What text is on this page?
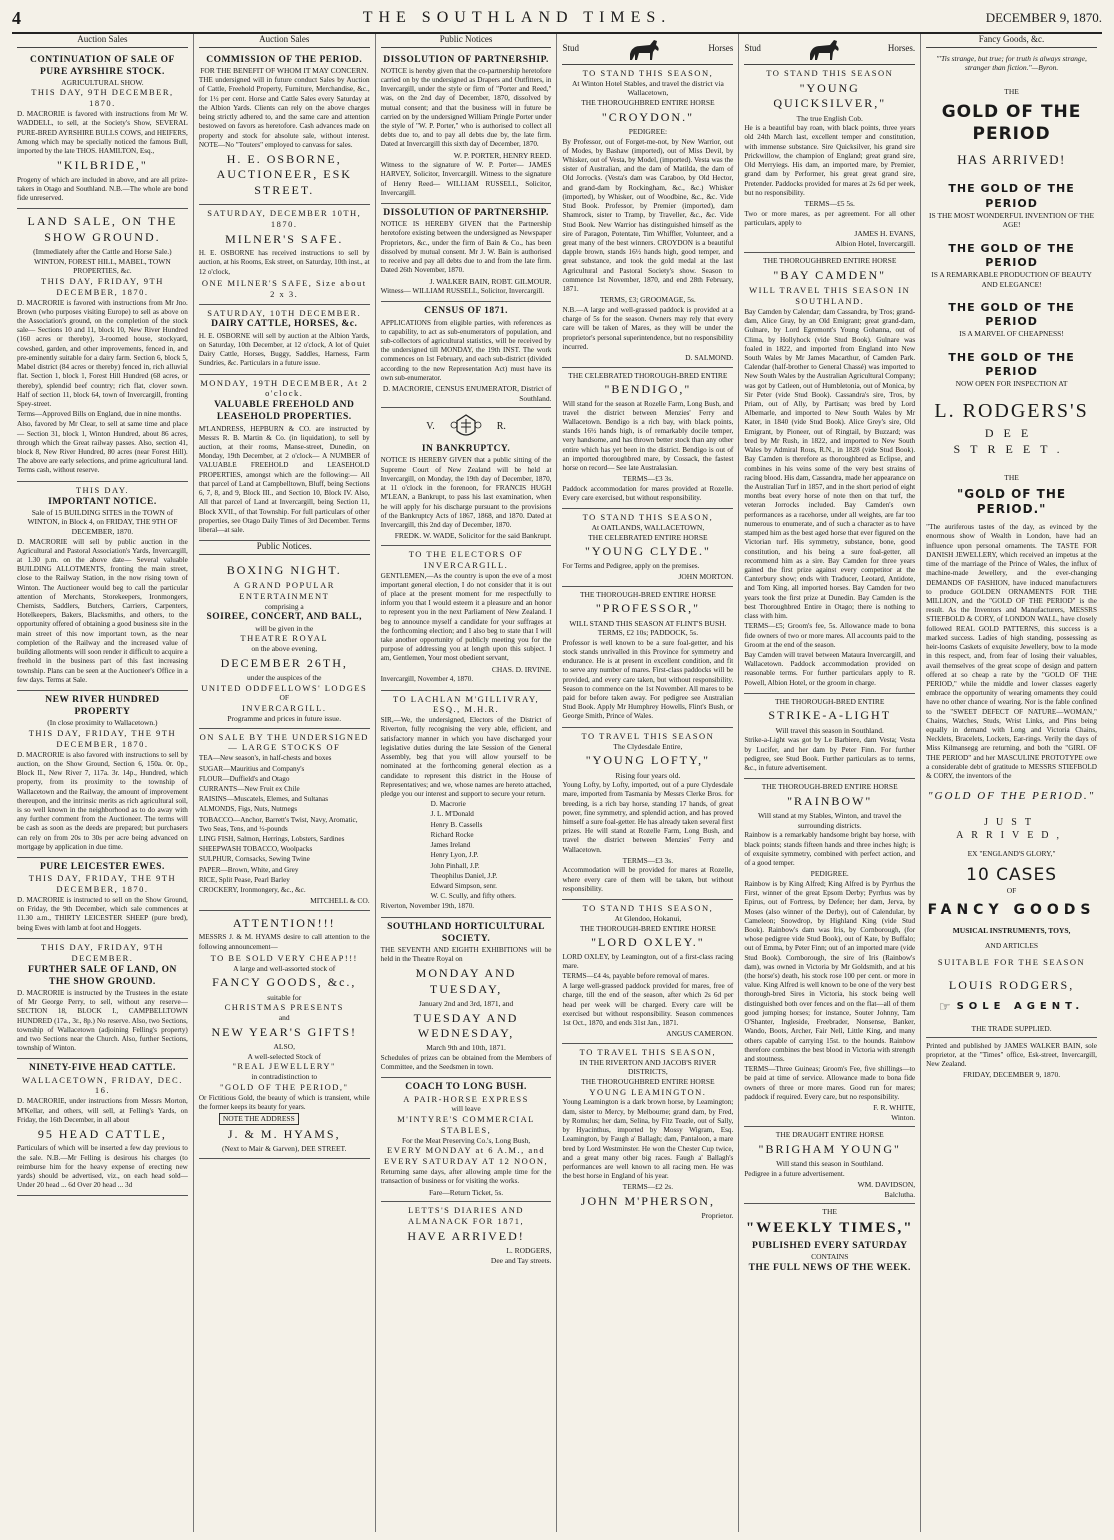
4	THE SOUTHLAND TIMES.	DECEMBER 9, 1870.
Auction Sales
CONTINUATION OF SALE OF PURE AYRSHIRE STOCK.
AGRICULTURAL SHOW.
THIS DAY, 9TH DECEMBER, 1870.
D. MACRORIE is favored with instructions from Mr W. WADDELL, to sell, at the Society's Show, SEVERAL PURE-BRED AYRSHIRE BULLS COWS, and HEIFERS, Among which may be specially noticed the famous Bull, imported by the late THOS. HAMILTON, Esq.,
"KILBRIDE,"
Progeny of which are included in above, and are all prize-takers in Otago and Southland. N.B.—The whole are bond fide unreserved.
LAND SALE, ON THE SHOW GROUND.
(Immediately after the Cattle and Horse Sale.)
WINTON, FOREST HILL, MABEL, TOWN PROPERTIES, &c.
THIS DAY, FRIDAY, 9TH DECEMBER, 1870.
D. MACRORIE is favored with instructions from Mr Jno. Brown (who purposes visiting Europe) to sell as above on the Association's ground, on the completion of the stock sale— Sections 10 and 11, block 10, New River Hundred (160 acres or thereby), 3-roomed house, stockyard, cowshed, garden, and other improvements, fenced in, and pre-eminently suitable for a dairy farm. Section 6, block 5, Mabel district (84 acres or thereby) fenced in, rich alluvial flat. Section 1, block 1, Forest Hill Hundred (68 acres, or thereby), splendid beef country; rich flat, clover sown. Half of section 11, block 64, town of Invercargill, fronting Spey-street.
Terms—Approved Bills on England, due in nine months.
Also, favored by Mr Clear, to sell at same time and place— Section 31, block 1, Winton Hundred, about 86 acres, through which the Great railway passes. Also, section 41, block 8, New River Hundred, 80 acres (near Forest Hill). The above are early selections, and prime agricultural land. Terms cash, without reserve.
THIS DAY.
IMPORTANT NOTICE.
Sale of 15 BUILDING SITES in the TOWN of WINTON, in Block 4, on FRIDAY, THE 9TH OF DECEMBER, 1870.
D. MACRORIE will sell by public auction in the Agricultural and Pastoral Association's Yards, Invercargill, at 1.30 p.m. on the above date— Several valuable BUILDING ALLOTMENTS, fronting the main street, close to the Railway Station, in the now rising town of Winton. The Auctioneer would beg to call the particular attention of Merchants, Storekeepers, Ironmongers, Chemists, Saddlers, Butchers, Carriers, Carpenters, Hotelkeepers, Bakers, Blacksmiths, and others, to the opportunity offered of obtaining a good business site in the main street of this now important town, as the near completion of the Railway and the increased value of building allotments will soon render it difficult to acquire a freehold in the business part of this fast increasing township. Plans can be seen at the Auctioneer's Office in a few days. Terms at Sale.
NEW RIVER HUNDRED PROPERTY
(In close proximity to Wallacetown.)
THIS DAY, FRIDAY, THE 9TH DECEMBER, 1870.
D. MACRORIE is also favored with instructions to sell by auction, on the Show Ground, Section 6, 150a. 0r. 0p., Block II., New River 7, 117a. 3r. 14p., Hundred, which property, from its proximity to the township of Wallacetown and the Railway, the amount of improvement thereupon, and the intrinsic merits as rich agricultural soil, is so well known in the neighborhood as to do away with any further comment from the Auctioneer. The terms will be cash as soon as the deeds are prepared; but purchasers can rely on from 20s to 30s per acre being advanced on mortgage by application in due time.
PURE LEICESTER EWES.
THIS DAY, FRIDAY, THE 9TH DECEMBER, 1870.
D. MACRORIE is instructed to sell on the Show Ground, on Friday, the 9th December, which sale commences at 11.30 a.m., THIRTY LEICESTER SHEEP (pure bred), being Ewes with lamb at foot and Hoggets.
THIS DAY, FRIDAY, 9TH DECEMBER.
FURTHER SALE OF LAND, ON THE SHOW GROUND.
D. MACRORIE is instructed by the Trustees in the estate of Mr George Perry, to sell, without any reserve— SECTION 18, BLOCK I., CAMPBELLTOWN HUNDRED (17a., 3r., 8p.) No reserve. Also, two Sections, township of Wallacetown (adjoining Felling's property) and two Sections near the Church. Also, further Sections, township of Winton.
NINETY-FIVE HEAD CATTLE.
WALLACETOWN, FRIDAY, DEC. 16.
D. MACRORIE, under instructions from Messrs Morton, M'Kellar, and others, will sell, at Felling's Yards, on Friday, the 16th December, in all about
95 HEAD CATTLE,
Particulars of which will be inserted a few day previous to the sale. N.B.—Mr Felling is desirous his charges (to reimburse him for the heavy expense of erecting new yards) should be advertised, viz., on each head sold— Under 20 head ... 6d Over 20 head ... 3d
Auction Sales
COMMISSION OF THE PERIOD.
FOR THE BENEFIT OF WHOM IT MAY CONCERN.
THE undersigned will in future conduct Sales by Auction of Cattle, Freehold Property, Furniture, Merchandise, &c., for 1½ per cent. Horse and Cattle Sales every Saturday at the Albion Yards. Clients can rely on the above charges being strictly adhered to, and the same care and attention bestowed on favors as heretofore. Cash advances made on property and stock for absolute sale, without interest. NOTE—No "Touters" employed to canvass for sales.
H. E. OSBORNE, AUCTIONEER, ESK STREET.
SATURDAY, DECEMBER 10TH, 1870.
MILNER'S SAFE.
H. E. OSBORNE has received instructions to sell by auction, at his Rooms, Esk street, on Saturday, 10th inst., at 12 o'clock,
ONE MILNER'S SAFE, Size about 2 x 3.
SATURDAY, 10TH DECEMBER.
DAIRY CATTLE, HORSES, &c.
H. E. OSBORNE will sell by auction at the Albion Yards, on Saturday, 10th December, at 12 o'clock, A lot of Quiet Dairy Cattle, Horses, Buggy, Saddles, Harness, Farm Sundries, &c. Particulars in a future issue.
MONDAY, 19TH DECEMBER, At 2 o'clock.
VALUABLE FREEHOLD AND LEASEHOLD PROPERTIES.
M'LANDRESS, HEPBURN & CO. are instructed by Messrs R. B. Martin & Co. (in liquidation), to sell by auction, at their rooms, Manse-street, Dunedin, on Monday, 19th December, at 2 o'clock— A NUMBER of VALUABLE FREEHOLD and LEASEHOLD PROPERTIES, amongst which are the following:— All that parcel of Land at Campbelltown, Bluff, being Sections 6, 7, 8, and 9, Block III., and Section 10, Block IV. Also, All that parcel of Land at Invercargill, being Section 11, Block XVII., of that Township. For full particulars of other properties, see Otago Daily Times of 3rd December. Terms liberal—at sale.
Public Notices.
BOXING NIGHT.
A GRAND POPULAR ENTERTAINMENT
comprising a
SOIREE, CONCERT, AND BALL,
will be given in the
THEATRE ROYAL
on the above evening,
DECEMBER 26TH,
under the auspices of the
UNITED ODDFELLOWS' LODGES
OF
INVERCARGILL.
Programme and prices in future issue.
ON SALE BY THE UNDERSIGNED— LARGE STOCKS OF
TEA—New season's, in half-chests and boxes
SUGAR—Mauritius and Company's
FLOUR—Duffield's and Otago
CURRANTS—New Fruit ex Chile
RAISINS—Muscatels, Elemes, and Sultanas
ALMONDS, Figs, Nuts, Nutmegs
TOBACCO—Anchor, Barrett's Twist, Navy, Aromatic, Two Seas, Tens, and ½-pounds
LING FISH, Salmon, Herrings, Lobsters, Sardines
SHEEPWASH TOBACCO, Woolpacks
SULPHUR, Cornsacks, Sewing Twine
PAPER—Brown, White, and Grey
RICE, Split Pease, Pearl Barley
CROCKERY, Ironmongery, &c., &c.
MITCHELL & CO.
ATTENTION!!!
MESSRS J. & M. HYAMS desire to call attention to the following announcement—
TO BE SOLD VERY CHEAP!!!
A large and well-assorted stock of
FANCY GOODS, &c.,
suitable for
CHRISTMAS PRESENTS
and
NEW YEAR'S GIFTS!
ALSO,
A well-selected Stock of
"REAL JEWELLERY"
in contradistinction to
"GOLD OF THE PERIOD,"
Or Fictitious Gold, the beauty of which is transient, while the former keeps its beauty for years.
NOTE THE ADDRESS
J. & M. HYAMS,
(Next to Mair & Garven), DEE STREET.
Public Notices
DISSOLUTION OF PARTNERSHIP.
NOTICE is hereby given that the co-partnership heretofore carried on by the undersigned as Drapers and Outfitters, in Invercargill, under the style or firm of "Porter and Reed," was, on the 2nd day of December, 1870, dissolved by mutual consent; and that the business will in future be carried on by the undersigned William Pringle Porter under the style of "W. P. Porter," who is authorised to collect all debts due to, and to pay all debts due by, the late firm. Dated at Invercargill this sixth day of December, 1870.
W. P. PORTER, HENRY REED.
Witness to the signature of W. P. Porter— JAMES HARVEY, Solicitor, Invercargill. Witness to the signature of Henry Reed— WILLIAM RUSSELL, Solicitor, Invercargill.
DISSOLUTION OF PARTNERSHIP.
NOTICE IS HEREBY GIVEN that the Partnership heretofore existing between the undersigned as Newspaper Proprietors, &c., under the firm of Bain & Co., has been dissolved by mutual consent. Mr J. W. Bain is authorised to receive and pay all debts due to and from the late firm. Dated 26th November, 1870.
J. WALKER BAIN, ROBT. GILMOUR.
Witness— WILLIAM RUSSELL, Solicitor, Invercargill.
CENSUS OF 1871.
APPLICATIONS from eligible parties, with references as to capability, to act as sub-enumerators of population, and sub-collectors of agricultural statistics, will be received by the undersigned till MONDAY, the 19th INST. The work commences on 1st February, and each sub-district (divided according to the new Representation Act) must have its own sub-enumerator.
D. MACRORIE, CENSUS ENUMERATOR, District of Southland.
V.	R.
IN BANKRUPTCY.
NOTICE IS HEREBY GIVEN that a public sitting of the Supreme Court of New Zealand will be held at Invercargill, on Monday, the 19th day of December, 1870, at 11 o'clock in the forenoon, for FRANCIS HUGH M'LEAN, a Bankrupt, to pass his last examination, when he will apply for his discharge pursuant to the provisions of the Bankruptcy Acts of 1867, 1868, and 1870. Dated at Invercargill, this 2nd day of December, 1870.
FREDK. W. WADE, Solicitor for the said Bankrupt.
TO THE ELECTORS OF INVERCARGILL.
GENTLEMEN,—As the country is upon the eve of a most important general election, I do not consider that it is out of place at the present moment for me respectfully to inform you that I would esteem it a pleasure and an honor to represent you in the next Parliament of New Zealand. I beg to announce myself a candidate for your suffrages at the forthcoming election; and I also beg to state that I will take another opportunity of publicly meeting you for the purpose of addressing you at length upon this subject. I am, Gentlemen, Your most obedient servant,
CHAS. D. IRVINE.
Invercargill, November 4, 1870.
TO LACHLAN M'GILLIVRAY, ESQ., M.H.R.
SIR,—We, the undersigned, Electors of the District of Riverton, fully recognising the very able, efficient, and satisfactory manner in which you have discharged your legislative duties during the late Session of the General Assembly, beg that you will allow yourself to be nominated at the forthcoming general election as a candidate to represent this district in the House of Representatives; and we, whose names are hereto attached, pledge you our interest and support to secure your return.
D. Macrorie
J. L. M'Donald
Henry B. Cassells
Richard Rocke
James Ireland
Henry Lyon, J.P.
John Pinhall, J.P.
Theophilus Daniel, J.P.
Edward Simpson, senr.
W. C. Scully, and fifty others.
Riverton, November 19th, 1870.
SOUTHLAND HORTICULTURAL SOCIETY.
THE SEVENTH AND EIGHTH EXHIBITIONS will be held in the Theatre Royal on
MONDAY AND TUESDAY,
January 2nd and 3rd, 1871, and
TUESDAY AND WEDNESDAY,
March 9th and 10th, 1871.
Schedules of prizes can be obtained from the Members of Committee, and the Seedsmen in town.
COACH TO LONG BUSH.
A PAIR-HORSE EXPRESS
will leave
M'INTYRE'S COMMERCIAL STABLES,
For the Meat Preserving Co.'s, Long Bush,
EVERY MONDAY at 6 A.M., and
EVERY SATURDAY AT 12 NOON,
Returning same days, after allowing ample time for the transaction of business or for visiting the works.
Fare—Return Ticket, 5s.
LETTS'S DIARIES AND ALMANACK FOR 1871,
HAVE ARRIVED!
L. RODGERS,
Dee and Tay streets.
Stud	Horses
TO STAND THIS SEASON,
At Winton Hotel Stables, and travel the district via Wallacetown,
THE THOROUGHBRED ENTIRE HORSE
"CROYDON."
PEDIGREE:
By Professor, out of Forget-me-not, by New Warrior, out of Modes, by Bashaw (imported), out of Miss Devil, by Whisker, out of Vesta, by Model, (imported). Vesta was the sister of Australian, and the dam of Matilda, the dam of Old Jorrocks. (Vesta's dam was Caraboo, by Old Hector, and grand-dam by Rockingham, &c., &c.) Whisker (imported), by Whisker, out of Woodbine, &c., &c. Vide Stud Book. Professor, by Premier (imported), dam Shamrock, sister to Tramp, by Traveller, &c., &c. Vide Stud Book. New Warrior has distinguished himself as the sire of Paragon, Potentate, Tim Whiffler, Volunteer, and a great many of the best winners. CROYDON is a beautiful dapple brown, stands 16½ hands high, good temper, and great substance, and took the gold medal at the last Agricultural and Pastoral Society's show. Season to commence 1st November, 1870, and end 28th February, 1871.
TERMS, £3; GROOMAGE, 5s.
N.B.—A large and well-grassed paddock is provided at a charge of 5s for the season. Owners may rely that every care will be taken of Mares, as they will be under the proprietor's personal superintendence, but no responsibility incurred.
D. SALMOND.
THE CELEBRATED THOROUGH-BRED ENTIRE
"BENDIGO,"
Will stand for the season at Rozelle Farm, Long Bush, and travel the district between Menzies' Ferry and Wallacetown. Bendigo is a rich bay, with black points, stands 16½ hands high, is of remarkably docile temper, very handsome, and has thrown better stock than any other entire which has yet been in the district. Bendigo is out of an imported thoroughbred mare, by Cossack, the fastest horse on record— See late Australasian.
TERMS—£3 3s.
Paddock accommodation for mares provided at Rozelle. Every care exercised, but without responsibility.
TO STAND THIS SEASON,
At OATLANDS, WALLACETOWN,
THE CELEBRATED ENTIRE HORSE
"YOUNG CLYDE."
For Terms and Pedigree, apply on the premises.
JOHN MORTON.
THE THOROUGH-BRED ENTIRE HORSE
"PROFESSOR,"
WILL STAND THIS SEASON AT FLINT'S BUSH.
TERMS, £2 10s; PADDOCK, 5s.
Professor is well known to be a sure foal-getter, and his stock stands unrivalled in this Province for symmetry and endurance. He is at present in excellent condition, and fit to serve any number of mares. First-class paddocks will be provided, and every care taken, but without responsibility. Season to commence on the 1st November. All mares to be paid for before taken away. For pedigree see Australian Stud Book. Apply Mr Humphrey Howells, Flint's Bush, or George Smith, Prince of Wales.
TO TRAVEL THIS SEASON
The Clydesdale Entire,
"YOUNG LOFTY,"
Rising four years old.
Young Lofty, by Lofty, imported, out of a pure Clydesdale mare, imported from Tasmania by Messrs Clerke Bros. for breeding, is a rich bay horse, standing 17 hands, of great power, fine symmetry, and splendid action, and has proved himself a sure foal-getter. He has already taken several first prizes. He will stand at Rozelle Farm, Long Bush, and travel the district between Menzies' Ferry and Wallacetown.
TERMS—£3 3s.
Accommodation will be provided for mares at Rozelle, where every care of them will be taken, but without responsibility.
TO STAND THIS SEASON,
At Glendoo, Hokanui,
THE THOROUGH-BRED ENTIRE HORSE
"LORD OXLEY."
LORD OXLEY, by Leamington, out of a first-class racing mare.
TERMS—£4 4s, payable before removal of mares.
A large well-grassed paddock provided for mares, free of charge, till the end of the season, after which 2s 6d per head per week will be charged. Every care will be exercised but without responsibility. Season commences 1st Oct., 1870, and ends 31st Jan., 1871.
ANGUS CAMERON.
TO TRAVEL THIS SEASON,
IN THE RIVERTON AND JACOB'S RIVER DISTRICTS,
THE THOROUGHBRED ENTIRE HORSE
YOUNG LEAMINGTON.
Young Leamington is a dark brown horse, by Leamington; dam, sister to Mercy, by Melbourne; grand dam, by Fred, by Romulus; her dam, Selina, by Fitz Teazle, out of Sally, by Hyacinthus, imported by Mossy Wigram, Esq. Leamington, by Faugh a' Ballagh; dam, Pantaloon, a mare bred by Lord Westminster. He won the Chester Cup twice, and a great many other big races. Faugh a' Ballagh's performances are well known to all racing men. He was the best horse in England of his year.
TERMS—£2 2s.
JOHN M'PHERSON,
Proprietor.
Stud	Horses.
TO STAND THIS SEASON
"YOUNG QUICKSILVER,"
The true English Cob.
He is a beautiful bay roan, with black points, three years old 24th March last, excellent temper and constitution, with immense substance. Sire Quicksilver, his grand sire Prickwillow, the champion of England; great grand sire, Old Merryiegs. His dam, an imported mare, by Premier, grand dam by Performer, his great great grand sire, Pretender. Paddocks provided for mares at 2s 6d per week, but no responsibility.
TERMS—£5 5s.
Two or more mares, as per agreement. For all other particulars, apply to
JAMES H. EVANS,
Albion Hotel, Invercargill.
THE THOROUGHBRED ENTIRE HORSE
"BAY CAMDEN"
WILL TRAVEL THIS SEASON IN SOUTHLAND.
Bay Camden by Calendar; dam Cassandra, by Tros; grand-dam, Alice Gray, by an Old Emigrant; great grand-dam, Gulnare, by Lord Egremont's Young Gohanna, out of Clima, by Hollyhock (vide Stud Book). Gulnare was foaled in 1822, and imported from England into New South Wales by Mr James Macarthur, of Camden Park. Calendar (half-brother to General Chassé) was imported to New South Wales by the Australian Agricultural Company; was got by Catleen, out of Humbletonia, out of Monica, by Sir Peter (vide Stud Book). Cassandra's sire, Tros, by Priam, out of Ally, by Partisan; was bred by Lord Albemarle, and imported to New South Wales by Mr Kater, in 1840 (vide Stud Book). Alice Grey's sire, Old Emigrant, by Pioneer, out of Ringtail, by Buzzard; was bred by Mr Rush, in 1822, and imported to New South Wales by Admiral Rous, R.N., in 1828 (vide Stud Book). Bay Camden is therefore as thoroughbred as Eclipse, and combines in his veins some of the very best strains of racing blood. His dam, Cassandra, made her appearance on the Australian Turf in 1857, and in the short period of eight months beat every horse of note then on that turf, the veteran Jorrocks included. Bay Camden's own performances as a racehorse, under all weights, are far too numerous to enumerate, and of such a character as to have stamped him as the best aged horse that ever figured on the Victorian turf. His symmetry, substance, bone, good constitution, and his being a sure foal-getter, all recommend him as a sire. Bay Camden for three years gained the first prize against every competitor at the Canterbury show; ends with Traducer, Leotard, Antidote, and Tom King, all imported horses. Bay Camden for two years took the first prize at Dunedin. Bay Camden is the best Thoroughbred Entire in Otago; there is nothing to class with him.
TERMS—£5; Groom's fee, 5s. Allowance made to bona fide owners of two or more mares. All accounts paid to the Groom at the end of the season.
Bay Camden will travel between Mataura Invercargill, and Wallacetown. Paddock accommodation provided on reasonable terms. For further particulars apply to R. Powell, Albion Hotel, or the groom in charge.
THE THOROUGH-BRED ENTIRE
STRIKE-A-LIGHT
Will travel this season in Southland.
Strike-a-Light was got by Le Barbiere, dam Vesta; Vesta by Lucifer, and her dam by Peter Finn. For further pedigree, see Stud Book. Further particulars as to terms, &c., in future advertisement.
THE THOROUGH-BRED ENTIRE HORSE
"RAINBOW"
Will stand at my Stables, Winton, and travel the surrounding districts.
Rainbow is a remarkably handsome bright bay horse, with black points; stands fifteen hands and three inches high; is of exquisite symmetry, combined with perfect action, and of a good temper.
PEDIGREE.
Rainbow is by King Alfred; King Alfred is by Pyrrhus the First, winner of the great Epsom Derby; Pyrrhus was by Epirus, out of Fortress, by Defence; her dam, Jerva, by Moses (also winner of the Derby), out of Calendular, by Cameleon; Snowdrop, by Highland King (vide Stud Book). Rainbow's dam was Iris, by Cornborough, (for whose pedigree vide Stud Book), out of Kate, by Buffalo; out of Emma, by Peter Finn; out of an imported mare (vide Stud Book). Cornborough, the sire of Iris (Rainbow's dam), was owned in Victoria by Mr Goldsmith, and at his (the horse's) death, his stock rose 100 per cent. or more in value. King Alfred is well known to be one of the very best thorough-bred Sires in Victoria, his stock being well distinguished both over fences and on the flat—all of them good jumping horses; for instance, Souter Johnny, Tam O'Shanter, Ingleside, Freebrader, Nonsense, Banker, Wando, Boots, Archer, Fair Nell, Little King, and many others capable of carrying 15st. to the hounds. Rainbow therefore combines the best blood in Victoria with strength and stoutness.
TERMS—Three Guineas; Groom's Fee, five shillings—to be paid at time of service. Allowance made to bona fide owners of three or more mares. Good run for mares; paddock if required. Every care, but no responsibility.
F. R. WHITE,
Winton.
THE DRAUGHT ENTIRE HORSE
"BRIGHAM YOUNG"
Will stand this season in Southland.
Pedigree in a future advertisement.
WM. DAVIDSON,
Balclutha.
THE
"WEEKLY TIMES,"
PUBLISHED EVERY SATURDAY
CONTAINS
THE FULL NEWS OF THE WEEK.
Fancy Goods, &c.
"'Tis strange, but true; for truth is always strange, stranger than fiction."—Byron.
THE
GOLD OF THE PERIOD
HAS ARRIVED!
THE GOLD OF THE PERIOD
IS THE MOST WONDERFUL INVENTION OF THE AGE!
THE GOLD OF THE PERIOD
IS A REMARKABLE PRODUCTION OF BEAUTY AND ELEGANCE!
THE GOLD OF THE PERIOD
IS A MARVEL OF CHEAPNESS!
THE GOLD OF THE PERIOD
NOW OPEN FOR INSPECTION AT
L. RODGERS'S
DEE STREET.
THE
"GOLD OF THE PERIOD."
"The auriferous tastes of the day, as evinced by the enormous show of Wealth in London, have had an influence upon personal ornaments. The TASTE FOR DANISH JEWELLERY, which received an impetus at the time of the marriage of the Prince of Wales, the influx of machine-made Jewellery, and the ever-changing DEMANDS OF FASHION, have induced manufacturers to produce GOLDEN ORNAMENTS FOR THE MILLION, and the "GOLD OF THE PERIOD" is the result. As the Inventors and Manufacturers, MESSRS STIEFBOLD & CORY, of LONDON WALL, have closely followed REAL GOLD PATTERNS, this success is a marked success. Ladies of high standing, possessing as heir-looms Caskets of exquisite Jewellery, bow to la mode in this respect, and, from fear of losing their valuables, avail themselves of the great scope of design and pattern offered at so cheap a rate by the "GOLD OF THE PERIOD," while the middle and lower classes eagerly embrace the opportunity of wearing ornaments they could have no other chance of wearing. Nor is the fable confined to the "SWEET DEFECT OF NATURE—WOMAN," Chains, Watches, Studs, Wrist Links, and Pins being equally in demand with Long and Victoria Chains, Necklets, Bracelets, Lockets, Ear-rings. Verily the days of Miss Kilmansegg are returning, and both the "GIRL OF THE PERIOD" and her MASCULINE PROTOTYPE owe a considerable debt of gratitude to MESSRS STIEFBOLD & CORY, the inventors of the
"GOLD OF THE PERIOD."
JUST ARRIVED,
EX "ENGLAND'S GLORY,"
10 CASES
OF
FANCY GOODS
MUSICAL INSTRUMENTS, TOYS,
AND ARTICLES
SUITABLE FOR THE SEASON
LOUIS RODGERS,
☞ SOLE AGENT.
THE TRADE SUPPLIED.
Printed and published by JAMES WALKER BAIN, sole proprietor, at the "Times" office, Esk-street, Invercargill, New Zealand.
FRIDAY, DECEMBER 9, 1870.
